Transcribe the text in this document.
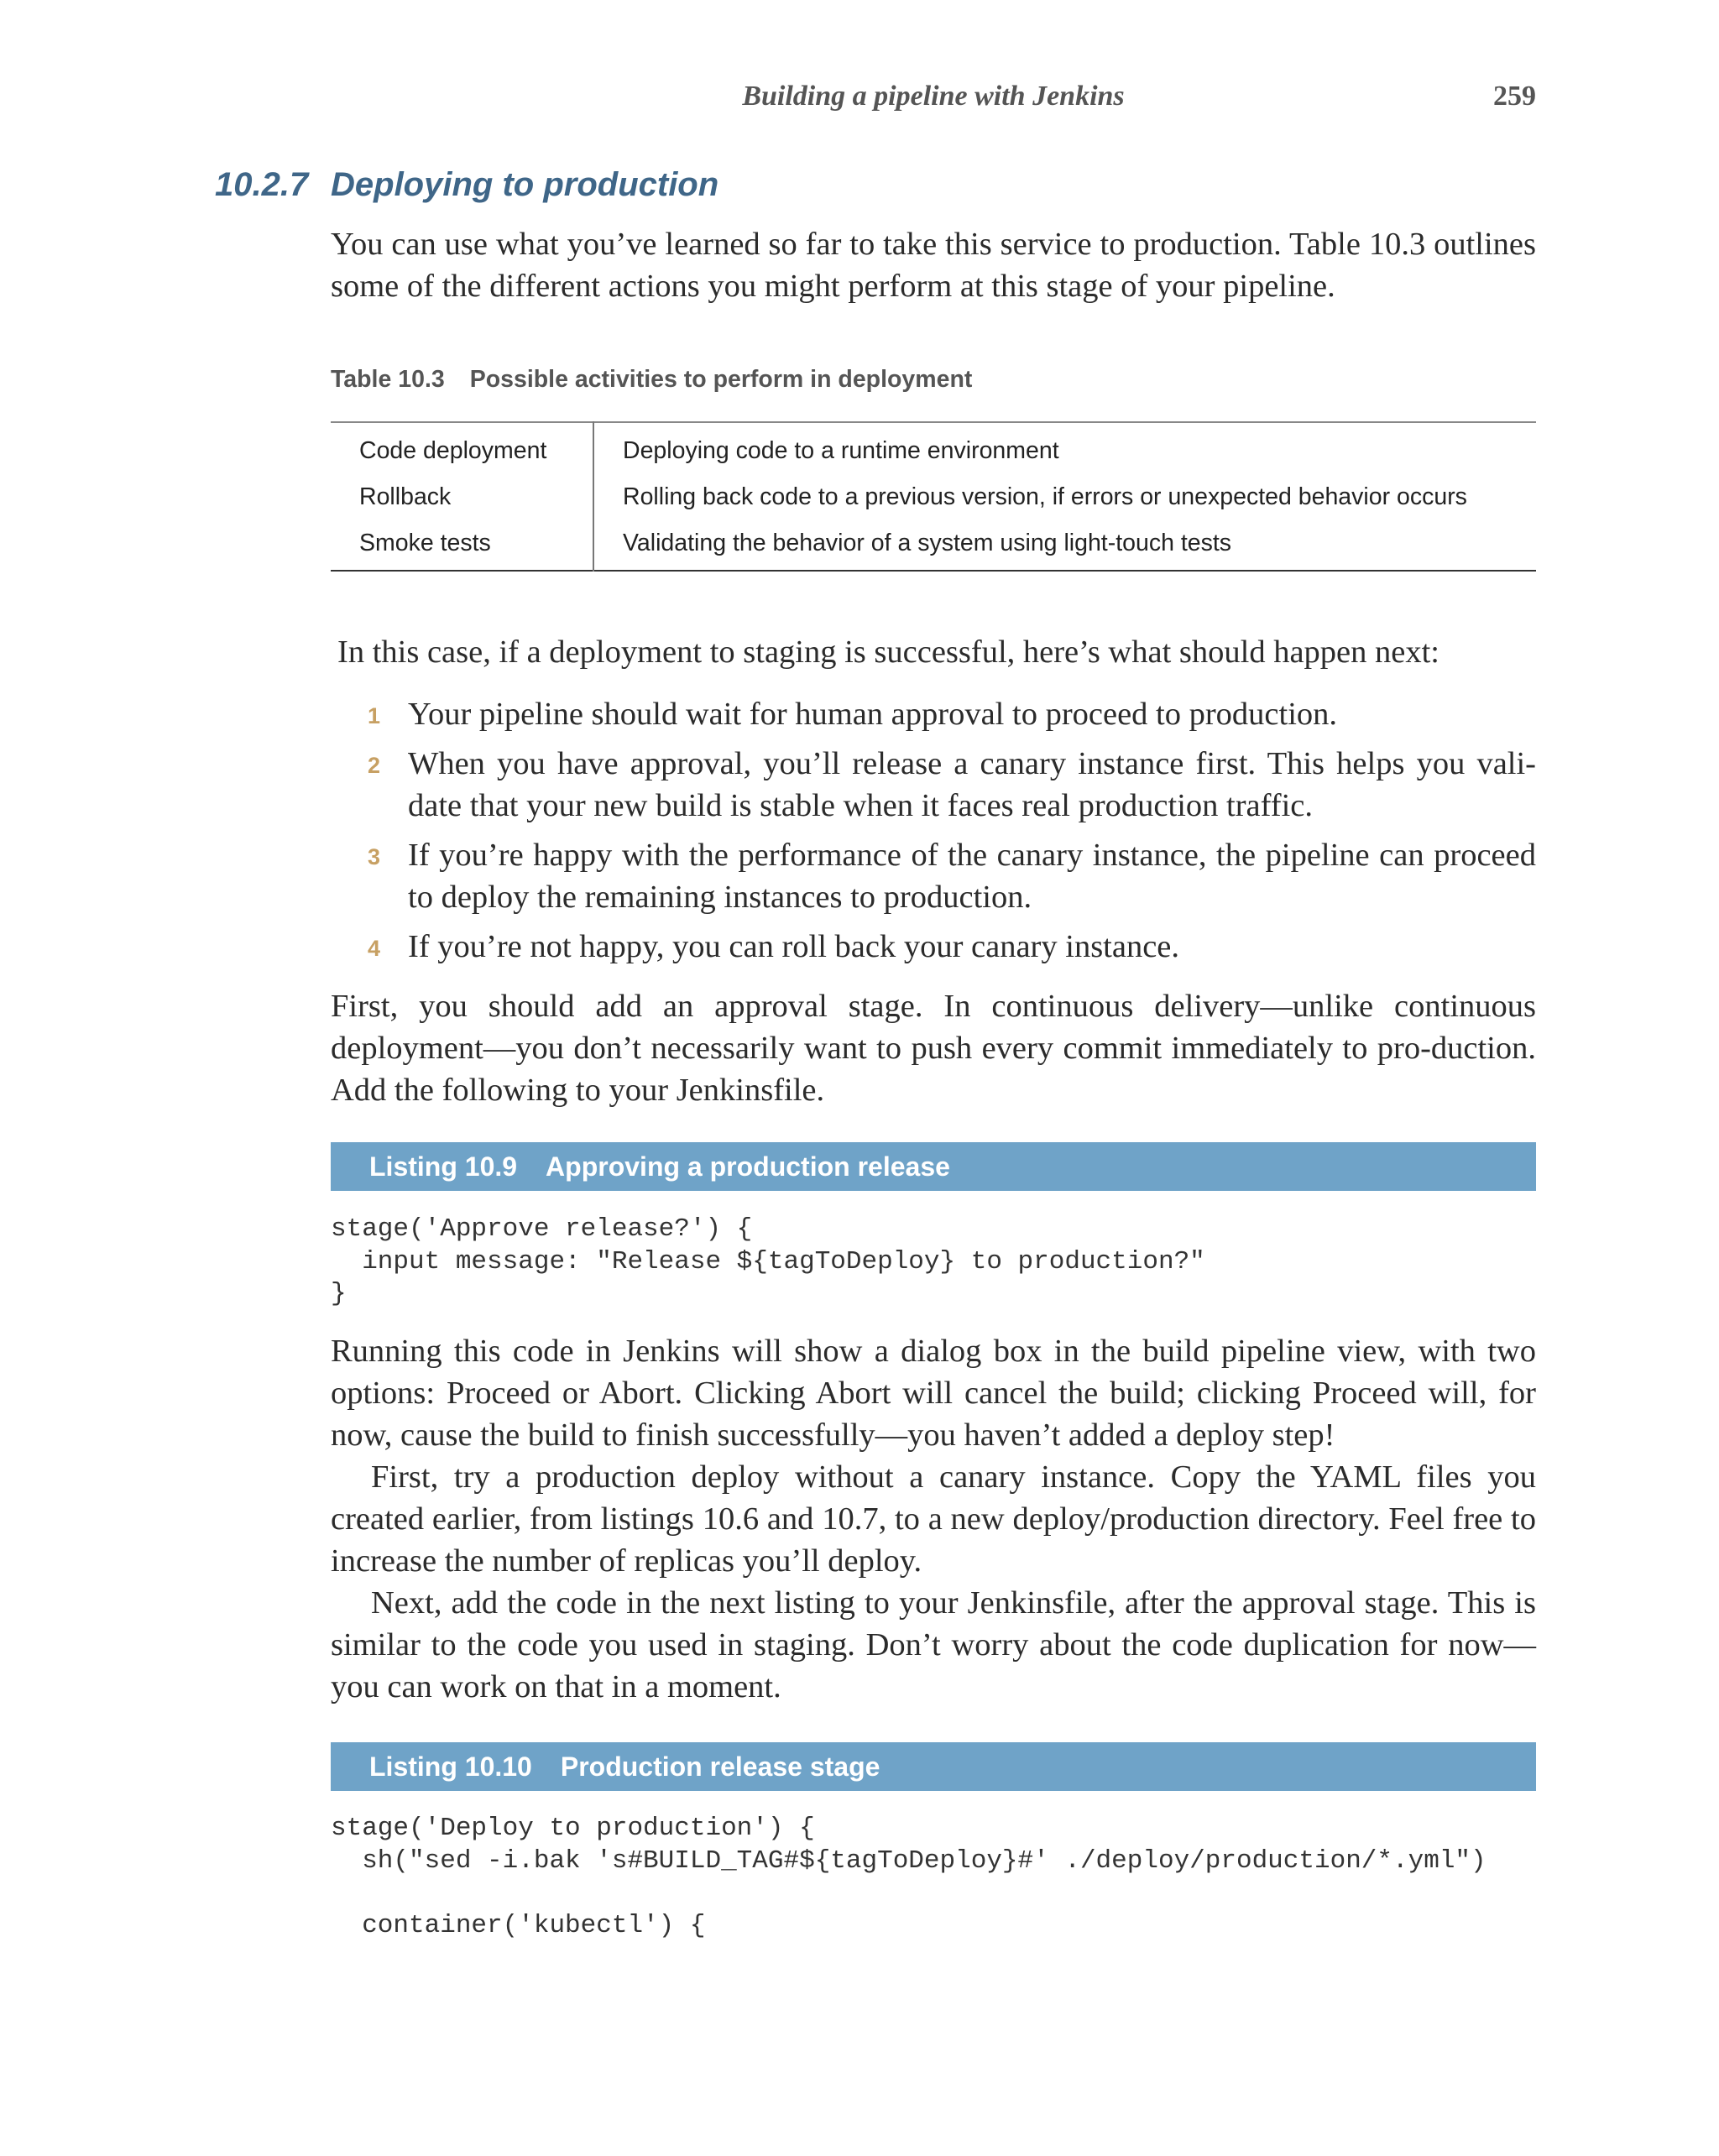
Building a pipeline with Jenkins	259
10.2.7 Deploying to production

You can use what you’ve learned so far to take this service to production. Table 10.3 outlines some of the different actions you might perform at this stage of your pipeline.

Table 10.3 Possible activities to perform in deployment
Code deployment	Deploying code to a runtime environment
Rollback	Rolling back code to a previous version, if errors or unexpected behavior occurs
Smoke tests	Validating the behavior of a system using light-touch tests

In this case, if a deployment to staging is successful, here’s what should happen next:

1 Your pipeline should wait for human approval to proceed to production.
2 When you have approval, you’ll release a canary instance first. This helps you vali-date that your new build is stable when it faces real production traffic.
3 If you’re happy with the performance of the canary instance, the pipeline can proceed to deploy the remaining instances to production.
4 If you’re not happy, you can roll back your canary instance.

First, you should add an approval stage. In continuous delivery—unlike continuous deployment—you don’t necessarily want to push every commit immediately to pro-duction. Add the following to your Jenkinsfile.

Listing 10.9 Approving a production release
stage('Approve release?') {
input message: "Release ${tagToDeploy} to production?"
}

Running this code in Jenkins will show a dialog box in the build pipeline view, with two options: Proceed or Abort. Clicking Abort will cancel the build; clicking Proceed will, for now, cause the build to finish successfully—you haven’t added a deploy step!

First, try a production deploy without a canary instance. Copy the YAML files you created earlier, from listings 10.6 and 10.7, to a new deploy/production directory. Feel free to increase the number of replicas you’ll deploy.

Next, add the code in the next listing to your Jenkinsfile, after the approval stage. This is similar to the code you used in staging. Don’t worry about the code duplication for now—you can work on that in a moment.

Listing 10.10 Production release stage
stage('Deploy to production') {
sh("sed -i.bak 's#BUILD_TAG#${tagToDeploy}#' ./deploy/production/*.yml")

container('kubectl') {
